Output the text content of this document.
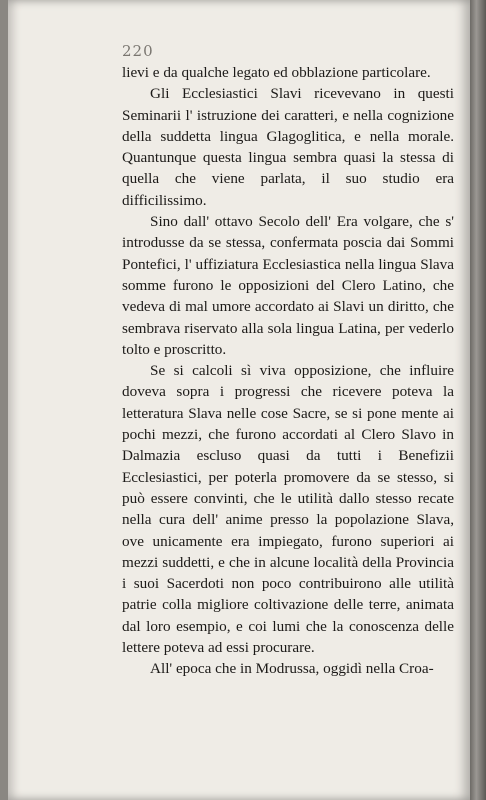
220

lievi e da qualche legato ed obblazione particolare.

Gli Ecclesiastici Slavi ricevevano in questi Seminarii l' istruzione dei caratteri, e nella cognizione della suddetta lingua Glagoglitica, e nella morale. Quantunque questa lingua sembra quasi la stessa di quella che viene parlata, il suo studio era difficilissimo.

Sino dall' ottavo Secolo dell' Era volgare, che s' introdusse da se stessa, confermata poscia dai Sommi Pontefici, l' uffiziatura Ecclesiastica nella lingua Slava somme furono le opposizioni del Clero Latino, che vedeva di mal umore accordato ai Slavi un diritto, che sembrava riservato alla sola lingua Latina, per vederlo tolto e proscritto.

Se si calcoli sì viva opposizione, che influire doveva sopra i progressi che ricevere poteva la letteratura Slava nelle cose Sacre, se si pone mente ai pochi mezzi, che furono accordati al Clero Slavo in Dalmazia escluso quasi da tutti i Benefizii Ecclesiastici, per poterla promovere da se stesso, si può essere convinti, che le utilità dallo stesso recate nella cura dell' anime presso la popolazione Slava, ove unicamente era impiegato, furono superiori ai mezzi suddetti, e che in alcune località della Provincia i suoi Sacerdoti non poco contribuirono alle utilità patrie colla migliore coltivazione delle terre, animata dal loro esempio, e coi lumi che la conoscenza delle lettere poteva ad essi procurare.

All' epoca che in Modrussa, oggidì nella Croa-
